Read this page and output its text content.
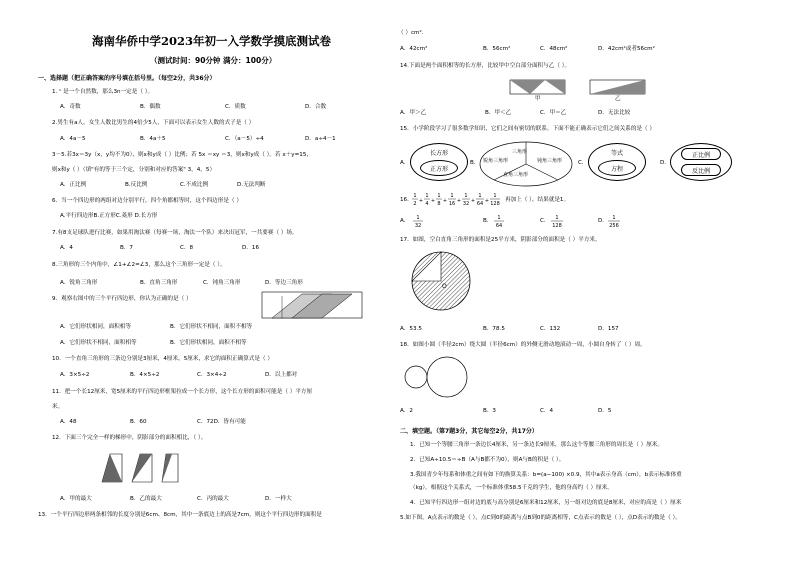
海南华侨中学2023年初一入学数学摸底测试卷
（测试时间：90分钟 满分：100分）
一、选择题（把正确答案的序号填在括号里。（每空2分，共36分）
1. ⁿ 是一个自然数，那么3n一定是（ ）。
A．奇数	B．偶数	C．质数	D．合数
2.男生有a人，女生人数比男生的4倍少5人，下面可以表示女生人数的式子是（ ）
A．4a－5	B．4a＋5	C．（a－5）÷4	D．a÷4－1
3－5.若3x＝3y（x，y均不为0），则x和y成（ ）比例；若 5x ＝xy ＝3，则x和y成（ ）。若 x＋y=15，
则x和y（ ）（填"有的等于三个定，分别和对应的答案" 3，4，5）
A．正比例	B.反比例	C.不成比例	D.无法判断
6．当一个四边形的两组对边分别平行，四个角都相等时，这个四边形是（ ）
A.平行四边形B.正方形C.菱形 D.长方形
7.有8支足球队进行比赛，如果用淘汰赛（每赛一场，淘汰一个队）来决出冠军，一共要赛（ ）场。
A．4	B．7	C．8	D．16
8.三角形的三个内角中，∠1+∠2=∠3，那么这个三角形一定是（ ）。
A．锐角三角形	B．直角三角形	C．钝角三角形	D．等边三角形
9．观察右图中的三个平行四边形，你认为正确的是（ ）
A．它们形状相同，面积相等	B．它们形状不相同，面积不相等
A．它们形状不相同，面积相等	B．它们形状相同，面积不相等
10．一个直角三角形的三条边分别是3厘米，4厘米，5厘米，求它的面积正确算式是（ ）
A．3×5÷2	B．4×5÷2	C．3×4÷2	D．以上都对
11．把一个长12厘米，宽5厘米的平行四边形框架拉成一个长方形，这个长方形的面积可能是（ ）平方厘
米。
A．48	B．60	C．72D．皆有可能
12．下面三个完全一样的梯形中，阴影部分的面积相比，（ ）。
A．甲的最大	B．乙的最大	C．丙的最大	D．一样大
13．一个平行四边形两条相邻的长度分别是6cm、8cm，其中一条底边上的高是7cm，则这个平行四边形的面积是
（ ）cm².
A．42cm²	B．56cm²	C．48cm²	D．42cm²或者56cm²
14.下面是两个面积相等的长方形，比较甲中空白部分面积与乙（ ）。
甲	乙
A．甲＞乙	B．甲＜乙	C．甲＝乙	D．无法比较
15．小学阶段学习了很多数学知识，它们之间有密切的联系。下面不能正确表示它们之间关系的是（ ）
A．
长方形
正方形
B．
三角形
锐角三角形	钝角三角形
直角三角形
C．
等式
方程
D．
正比例
反比例
16．
1
2 +
1
4 +
1
8 +
1
16 +
1
32 +
1
64 +
1
128
再加上（ ），结果就是1。
A．	B．	C．	D．
1
32
1
64
1
128
1
256
17．如图，空白直角三角形的面积是25平方米，阴影部分的面积是（ ）平方米。
O
A．53.5	B．78.5	C．132	D．157
18．如图小圆（半径2cm）绕大圆（半径6cm）的外侧无滑动地滚动一周，小圆自身转了（ ）周。
A．2	B．3	C．4	D．5
二、填空题。（第7题3分，其它每空2分，共17分）
1．已知一个等腰三角形一条边长4厘米，另一条边长9厘米，那么这个等腰三角形的周长是（ ）厘米。
2．已知A÷10.5＝÷B（A与B都不为0），则A与B的积是（ ）。
3.我国青少年每系和体重之间有如下的换算关系：b=(a−100) ×0.9，其中a表示身高（cm），b表示标准体重
（kg），根据这个关系式，一个标准体重58.5千克的学生，他的身高约（ ）厘米。
4．已知平行四边形一组对边的底与高分别是6厘米和12厘米，另一组对边的底是8厘米，对应的高是（ ）厘米
5.如下图，A点表示的数是（ ），点C到0的距离与点B到0的距离相等，C点表示的数是（ ），点D表示的数是（ ）。
